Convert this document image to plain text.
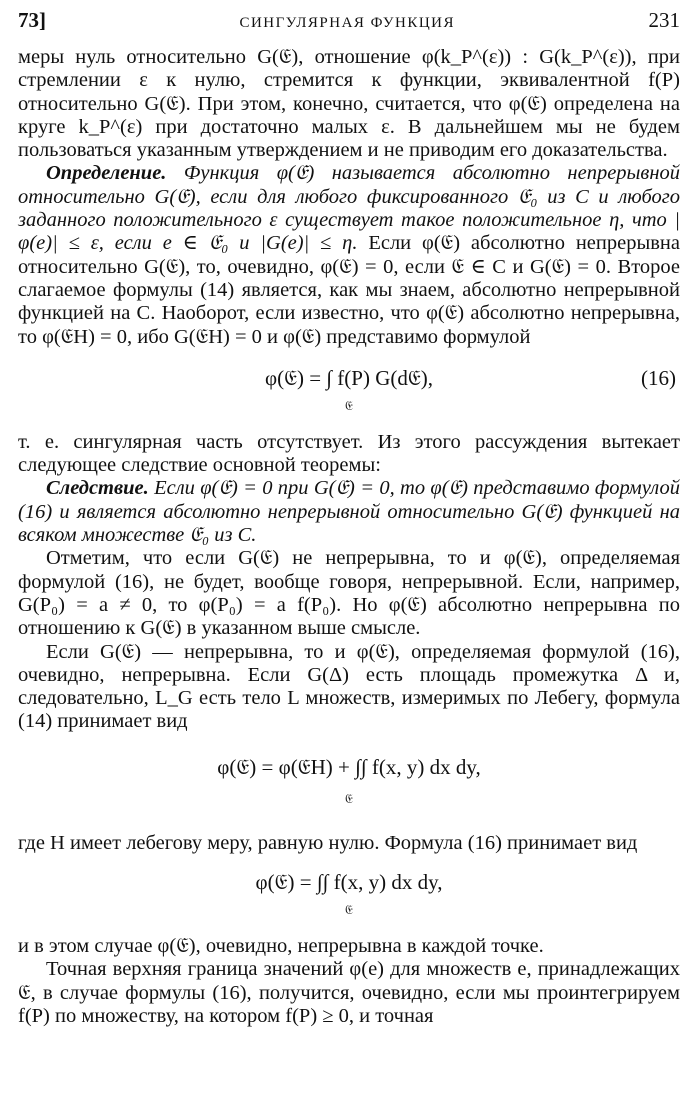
73]	СИНГУЛЯРНАЯ ФУНКЦИЯ	231

меры нуль относительно G(𝔈), отношение φ(k_P^(ε)) : G(k_P^(ε)), при стремлении ε к нулю, стремится к функции, эквивалентной f(P) относительно G(𝔈). При этом, конечно, считается, что φ(𝔈) определена на круге k_P^(ε) при достаточно малых ε. В дальнейшем мы не будем пользоваться указанным утверждением и не приводим его доказательства.

Определение. Функция φ(𝔈) называется абсолютно непрерывной относительно G(𝔈), если для любого фиксированного 𝔈₀ из C и любого заданного положительного ε существует такое положительное η, что |φ(e)| ≤ ε, если e ∈ 𝔈₀ и |G(e)| ≤ η. Если φ(𝔈) абсолютно непрерывна относительно G(𝔈), то, очевидно, φ(𝔈) = 0, если 𝔈 ∈ C и G(𝔈) = 0. Второе слагаемое формулы (14) является, как мы знаем, абсолютно непрерывной функцией на C. Наоборот, если известно, что φ(𝔈) абсолютно непрерывна, то φ(𝔈H) = 0, ибо G(𝔈H) = 0 и φ(𝔈) представимо формулой

φ(𝔈) = ∫ f(P) G(d𝔈),	(16)
𝔈

т. е. сингулярная часть отсутствует. Из этого рассуждения вытекает следующее следствие основной теоремы:

Следствие. Если φ(𝔈) = 0 при G(𝔈) = 0, то φ(𝔈) представимо формулой (16) и является абсолютно непрерывной относительно G(𝔈) функцией на всяком множестве 𝔈₀ из C.

Отметим, что если G(𝔈) не непрерывна, то и φ(𝔈), определяемая формулой (16), не будет, вообще говоря, непрерывной. Если, например, G(P₀) = a ≠ 0, то φ(P₀) = a f(P₀). Но φ(𝔈) абсолютно непрерывна по отношению к G(𝔈) в указанном выше смысле.

Если G(𝔈) — непрерывна, то и φ(𝔈), определяемая формулой (16), очевидно, непрерывна. Если G(Δ) есть площадь промежутка Δ и, следовательно, L_G есть тело L множеств, измеримых по Лебегу, формула (14) принимает вид

φ(𝔈) = φ(𝔈H) + ∫∫ f(x, y) dx dy,
𝔈

где H имеет лебегову меру, равную нулю. Формула (16) принимает вид

φ(𝔈) = ∫∫ f(x, y) dx dy,
𝔈

и в этом случае φ(𝔈), очевидно, непрерывна в каждой точке.

Точная верхняя граница значений φ(e) для множеств e, принадлежащих 𝔈, в случае формулы (16), получится, очевидно, если мы проинтегрируем f(P) по множеству, на котором f(P) ≥ 0, и точная
